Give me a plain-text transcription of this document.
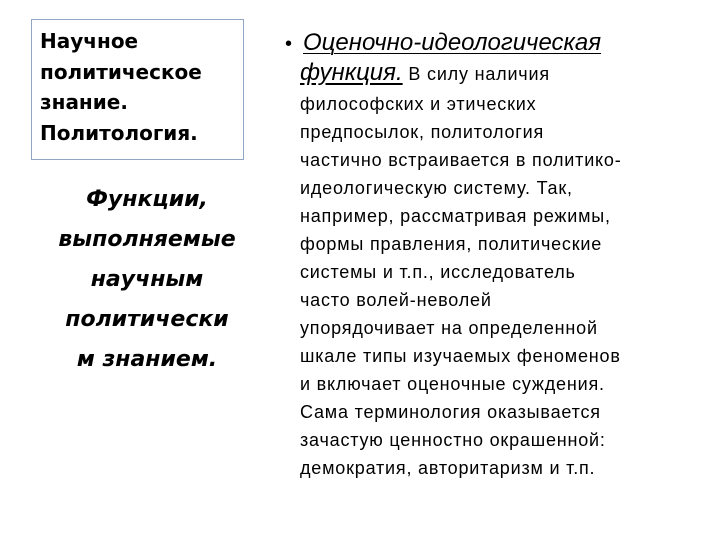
Научное
политическое
знание.
Политология.
Функции,
выполняемые
научным
политически
м знанием.
• Оценочно-идеологическая
функция. В силу наличия
философских и этических
предпосылок, политология
частично встраивается в политико-
идеологическую систему. Так,
например, рассматривая режимы,
формы правления, политические
системы и т.п., исследователь
часто волей-неволей
упорядочивает на определенной
шкале типы изучаемых феноменов
и включает оценочные суждения.
Сама терминология оказывается
зачастую ценностно окрашенной:
демократия, авторитаризм и т.п.
